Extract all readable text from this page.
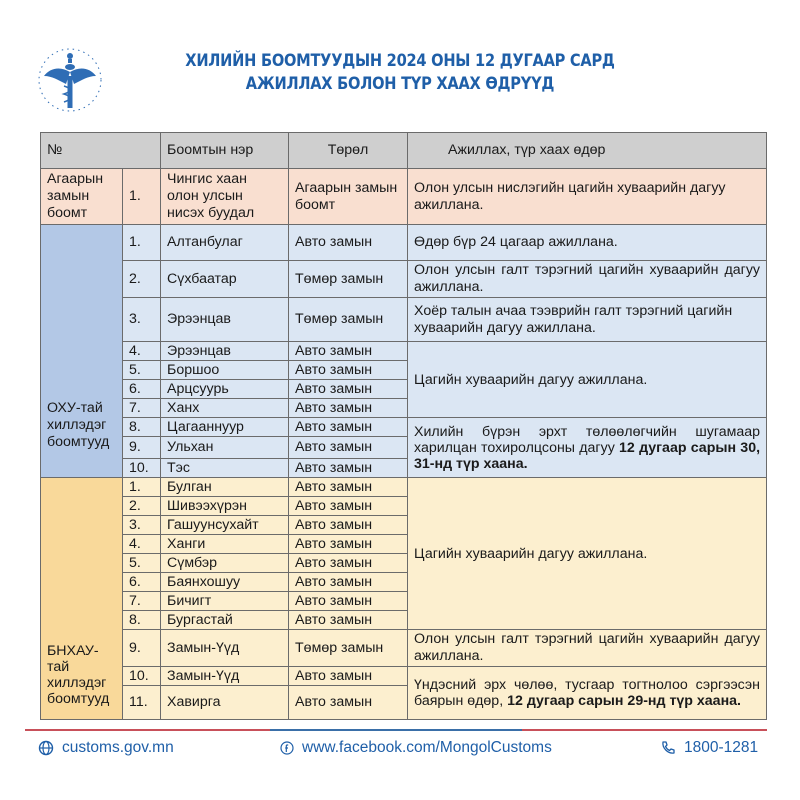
ХИЛИЙН БООМТУУДЫН 2024 ОНЫ 12 ДУГААР САРД
АЖИЛЛАХ БОЛОН ТҮР ХААХ ӨДРҮҮД
№		Боомтын нэр	Төрөл	Ажиллах, түр хаах өдөр
Агаарын замын боомт	1.	Чингис хаан олон улсын нисэх буудал	Агаарын замын боомт	Олон улсын нислэгийн цагийн хуваарийн дагуу ажиллана.
ОХУ-тай хиллэдэг боомтууд	1.	Алтанбулаг	Авто замын	Өдөр бүр 24 цагаар ажиллана.
	2.	Сүхбаатар	Төмөр замын	Олон улсын галт тэрэгний цагийн хуваарийн дагуу ажиллана.
	3.	Эрээнцав	Төмөр замын	Хоёр талын ачаа тээврийн галт тэрэгний цагийн хуваарийн дагуу ажиллана.
	4.	Эрээнцав	Авто замын	Цагийн хуваарийн дагуу ажиллана.
	5.	Боршоо	Авто замын	
	6.	Арцсуурь	Авто замын	
	7.	Ханх	Авто замын	
	8.	Цагааннуур	Авто замын	Хилийн бүрэн эрхт төлөөлөгчийн шугамаар харилцан тохиролцсоны дагуу 12 дугаар сарын 30, 31-нд түр хаана.
	9.	Ульхан	Авто замын	
	10.	Тэс	Авто замын	
БНХАУ-тай хиллэдэг боомтууд	1.	Булган	Авто замын	Цагийн хуваарийн дагуу ажиллана.
	2.	Шивээхүрэн	Авто замын	
	3.	Гашуунсухайт	Авто замын	
	4.	Ханги	Авто замын	
	5.	Сүмбэр	Авто замын	
	6.	Баянхошуу	Авто замын	
	7.	Бичигт	Авто замын	
	8.	Бургастай	Авто замын	
	9.	Замын-Үүд	Төмөр замын	Олон улсын галт тэрэгний цагийн хуваарийн дагуу ажиллана.
	10.	Замын-Үүд	Авто замын	Үндэсний эрх чөлөө, тусгаар тогтнолоо сэргээсэн баярын өдөр, 12 дугаар сарын 29-нд түр хаана.
	11.	Хавирга	Авто замын	
customs.gov.mn	www.facebook.com/MongolCustoms	1800-1281
